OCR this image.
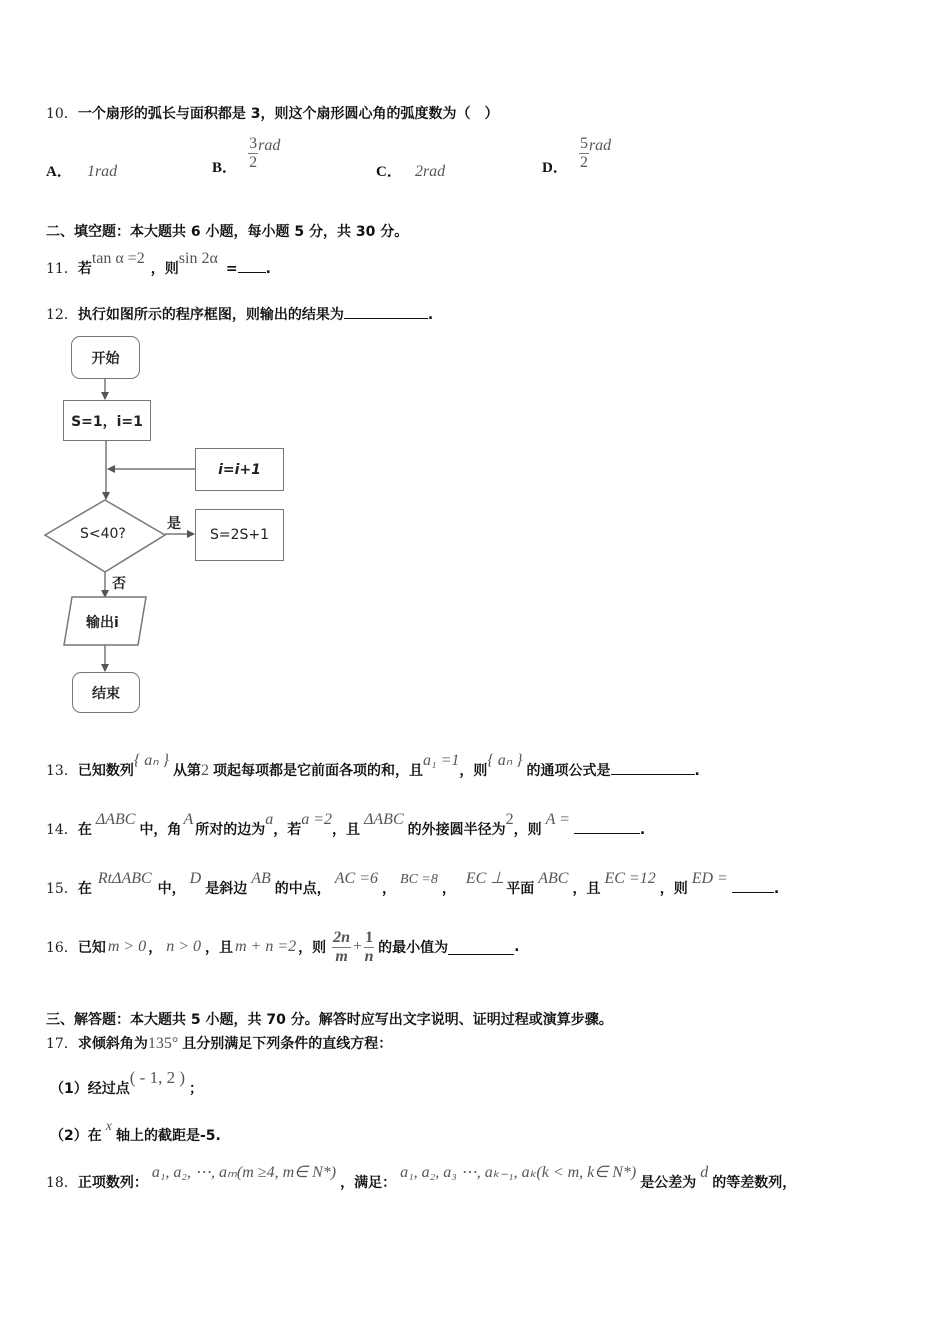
10．一个扇形的弧长与面积都是 3，则这个扇形圆心角的弧度数为（　）
A． 1rad	B． $\frac{3}{2}$ rad
C． 2rad	D． $\frac{5}{2}$ rad
二、填空题：本大题共 6 小题，每小题 5 分，共 30 分。
11．若tan α =2，则sin 2α= .
12．执行如图所示的程序框图，则输出的结果为	.
开始
S=1，i=1
i=i+1
S<40?
是
S=2S+1
否
输出i
结束
13．已知数列{ aₙ }从第2 项起每项都是它前面各项的和，且a₁ =1，则{ aₙ }的通项公式是	.
14．在ΔABC中，角A所对的边为a，若a =2，且ΔABC的外接圆半径为2，则A =.
15．在RtΔABC中，D是斜边AB的中点，AC =6，BC =8，EC ⊥平面ABC，且EC =12，则ED =.
16． 已知 m > 0 ， n > 0 ，且 m + n =2 ，则 $\frac{2n}{m} + \frac{1}{n}$ 的最小值为	.
三、解答题：本大题共 5 小题，共 70 分。解答时应写出文字说明、证明过程或演算步骤。
17．求倾斜角为135° 且分别满足下列条件的直线方程：
（1）经过点( - 1, 2 )；
（2）在x轴上的截距是-5.
18．正项数列：a₁, a₂, ⋯, aₘ(m ≥4, m∈ N*)，满足：a₁, a₂, a₃ ⋯, aₖ₋₁, aₖ(k < m, k∈ N*)是公差为d的等差数列，
